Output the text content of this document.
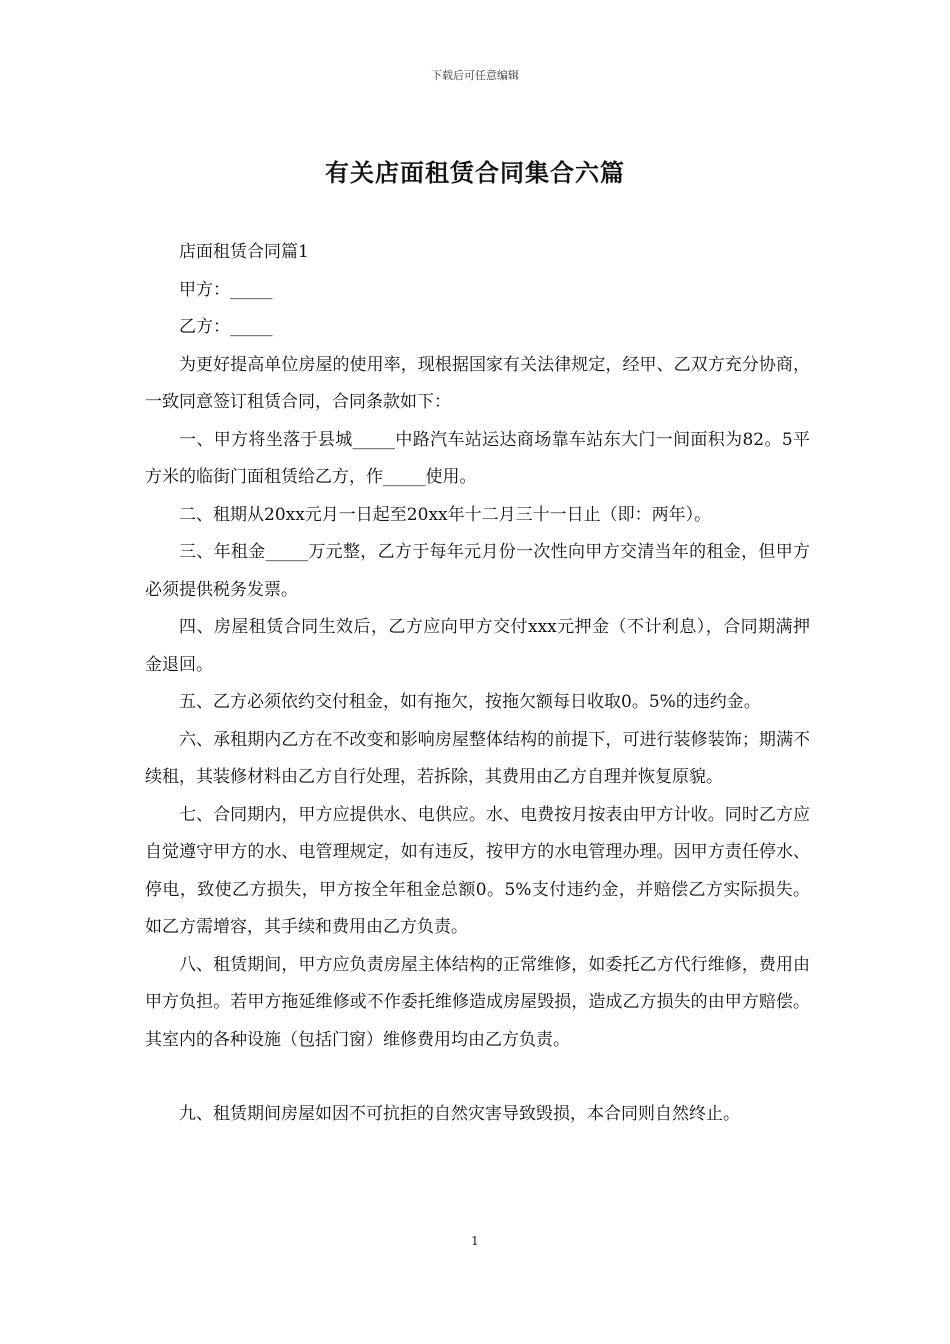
下载后可任意编辑
有关店面租赁合同集合六篇

店面租赁合同篇1

甲方：_____

乙方：_____

为更好提高单位房屋的使用率，现根据国家有关法律规定，经甲、乙双方充分协商，一致同意签订租赁合同，合同条款如下：

一、甲方将坐落于县城_____中路汽车站运达商场靠车站东大门一间面积为82。5平方米的临街门面租赁给乙方，作_____使用。

二、租期从20xx元月一日起至20xx年十二月三十一日止（即：两年）。

三、年租金_____万元整，乙方于每年元月份一次性向甲方交清当年的租金，但甲方必须提供税务发票。

四、房屋租赁合同生效后，乙方应向甲方交付xxx元押金（不计利息），合同期满押金退回。

五、乙方必须依约交付租金，如有拖欠，按拖欠额每日收取0。5%的违约金。

六、承租期内乙方在不改变和影响房屋整体结构的前提下，可进行装修装饰；期满不续租，其装修材料由乙方自行处理，若拆除，其费用由乙方自理并恢复原貌。

七、合同期内，甲方应提供水、电供应。水、电费按月按表由甲方计收。同时乙方应自觉遵守甲方的水、电管理规定，如有违反，按甲方的水电管理办理。因甲方责任停水、停电，致使乙方损失，甲方按全年租金总额0。5%支付违约金，并赔偿乙方实际损失。如乙方需增容，其手续和费用由乙方负责。

八、租赁期间，甲方应负责房屋主体结构的正常维修，如委托乙方代行维修，费用由甲方负担。若甲方拖延维修或不作委托维修造成房屋毁损，造成乙方损失的由甲方赔偿。其室内的各种设施（包括门窗）维修费用均由乙方负责。

九、租赁期间房屋如因不可抗拒的自然灾害导致毁损，本合同则自然终止。

1
